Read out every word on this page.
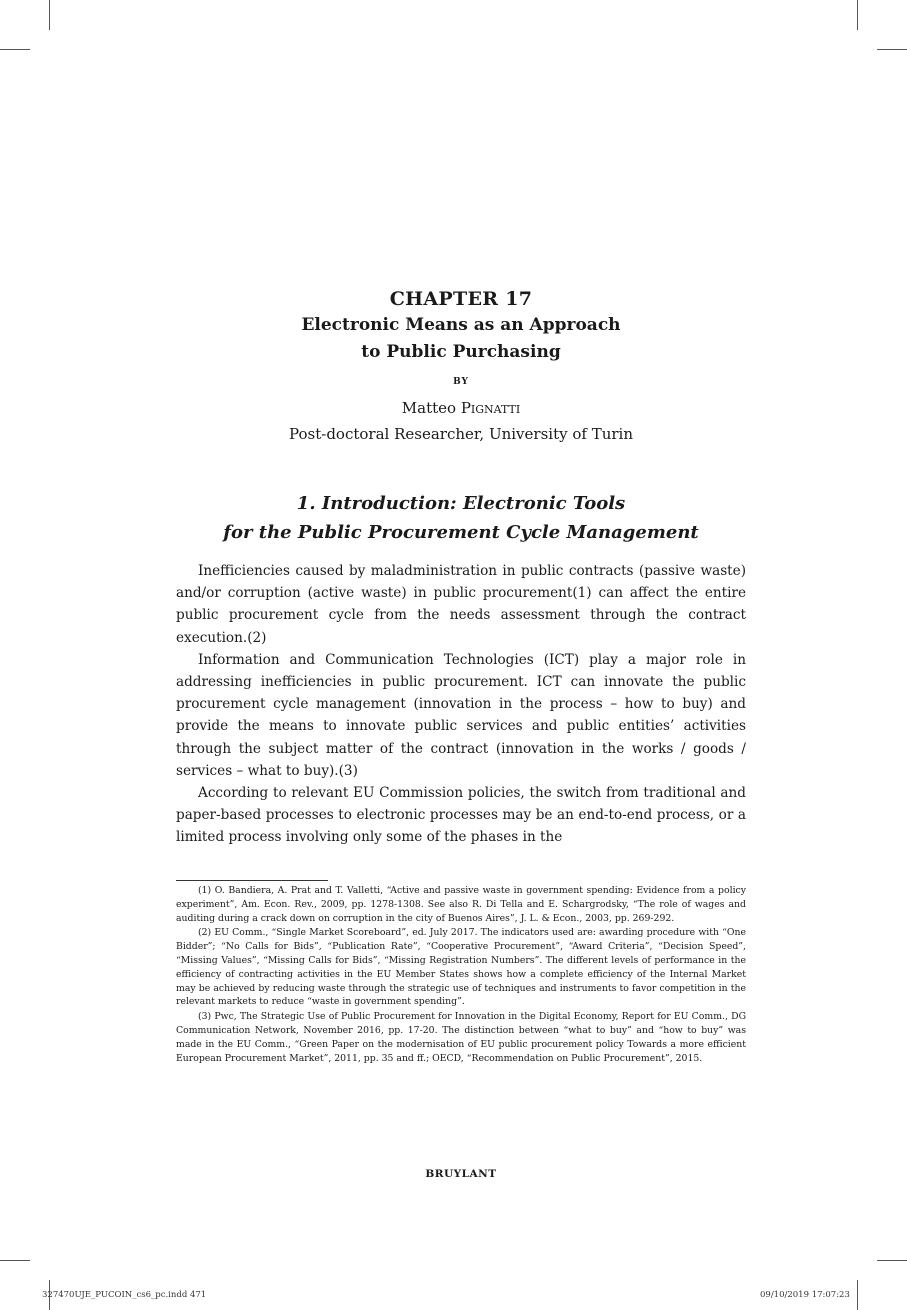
CHAPTER 17
Electronic Means as an Approach
to Public Purchasing
BY
Matteo Pignatti
Post-doctoral Researcher, University of Turin
1. Introduction: Electronic Tools
for the Public Procurement Cycle Management

Inefficiencies caused by maladministration in public contracts (passive waste) and/or corruption (active waste) in public procurement(1) can affect the entire public procurement cycle from the needs assessment through the contract execution.(2)

Information and Communication Technologies (ICT) play a major role in addressing inefficiencies in public procurement. ICT can innovate the public procurement cycle management (innovation in the process – how to buy) and provide the means to innovate public services and public entities’ activities through the subject matter of the contract (innovation in the works / goods / services – what to buy).(3)

According to relevant EU Commission policies, the switch from traditional and paper-based processes to electronic processes may be an end-to-end process, or a limited process involving only some of the phases in the

(1) O. Bandiera, A. Prat and T. Valletti, “Active and passive waste in government spending: Evidence from a policy experiment”, Am. Econ. Rev., 2009, pp. 1278-1308. See also R. Di Tella and E. Schargrodsky, “The role of wages and auditing during a crack down on corruption in the city of Buenos Aires”, J. L. & Econ., 2003, pp. 269-292.

(2) EU Comm., “Single Market Scoreboard”, ed. July 2017. The indicators used are: awarding procedure with “One Bidder”; “No Calls for Bids”, “Publication Rate”, “Cooperative Procurement”, “Award Criteria”, “Decision Speed”, “Missing Values”, “Missing Calls for Bids”, “Missing Registration Numbers”. The different levels of performance in the efficiency of contracting activities in the EU Member States shows how a complete efficiency of the Internal Market may be achieved by reducing waste through the strategic use of techniques and instruments to favor competition in the relevant markets to reduce “waste in government spending”.

(3) Pwc, The Strategic Use of Public Procurement for Innovation in the Digital Economy, Report for EU Comm., DG Communication Network, November 2016, pp. 17-20. The distinction between “what to buy” and “how to buy” was made in the EU Comm., “Green Paper on the modernisation of EU public procurement policy Towards a more efficient European Procurement Market”, 2011, pp. 35 and ff.; OECD, “Recommendation on Public Procurement”, 2015.

BRUYLANT
327470UJE_PUCOIN_cs6_pc.indd 471	09/10/2019 17:07:23
